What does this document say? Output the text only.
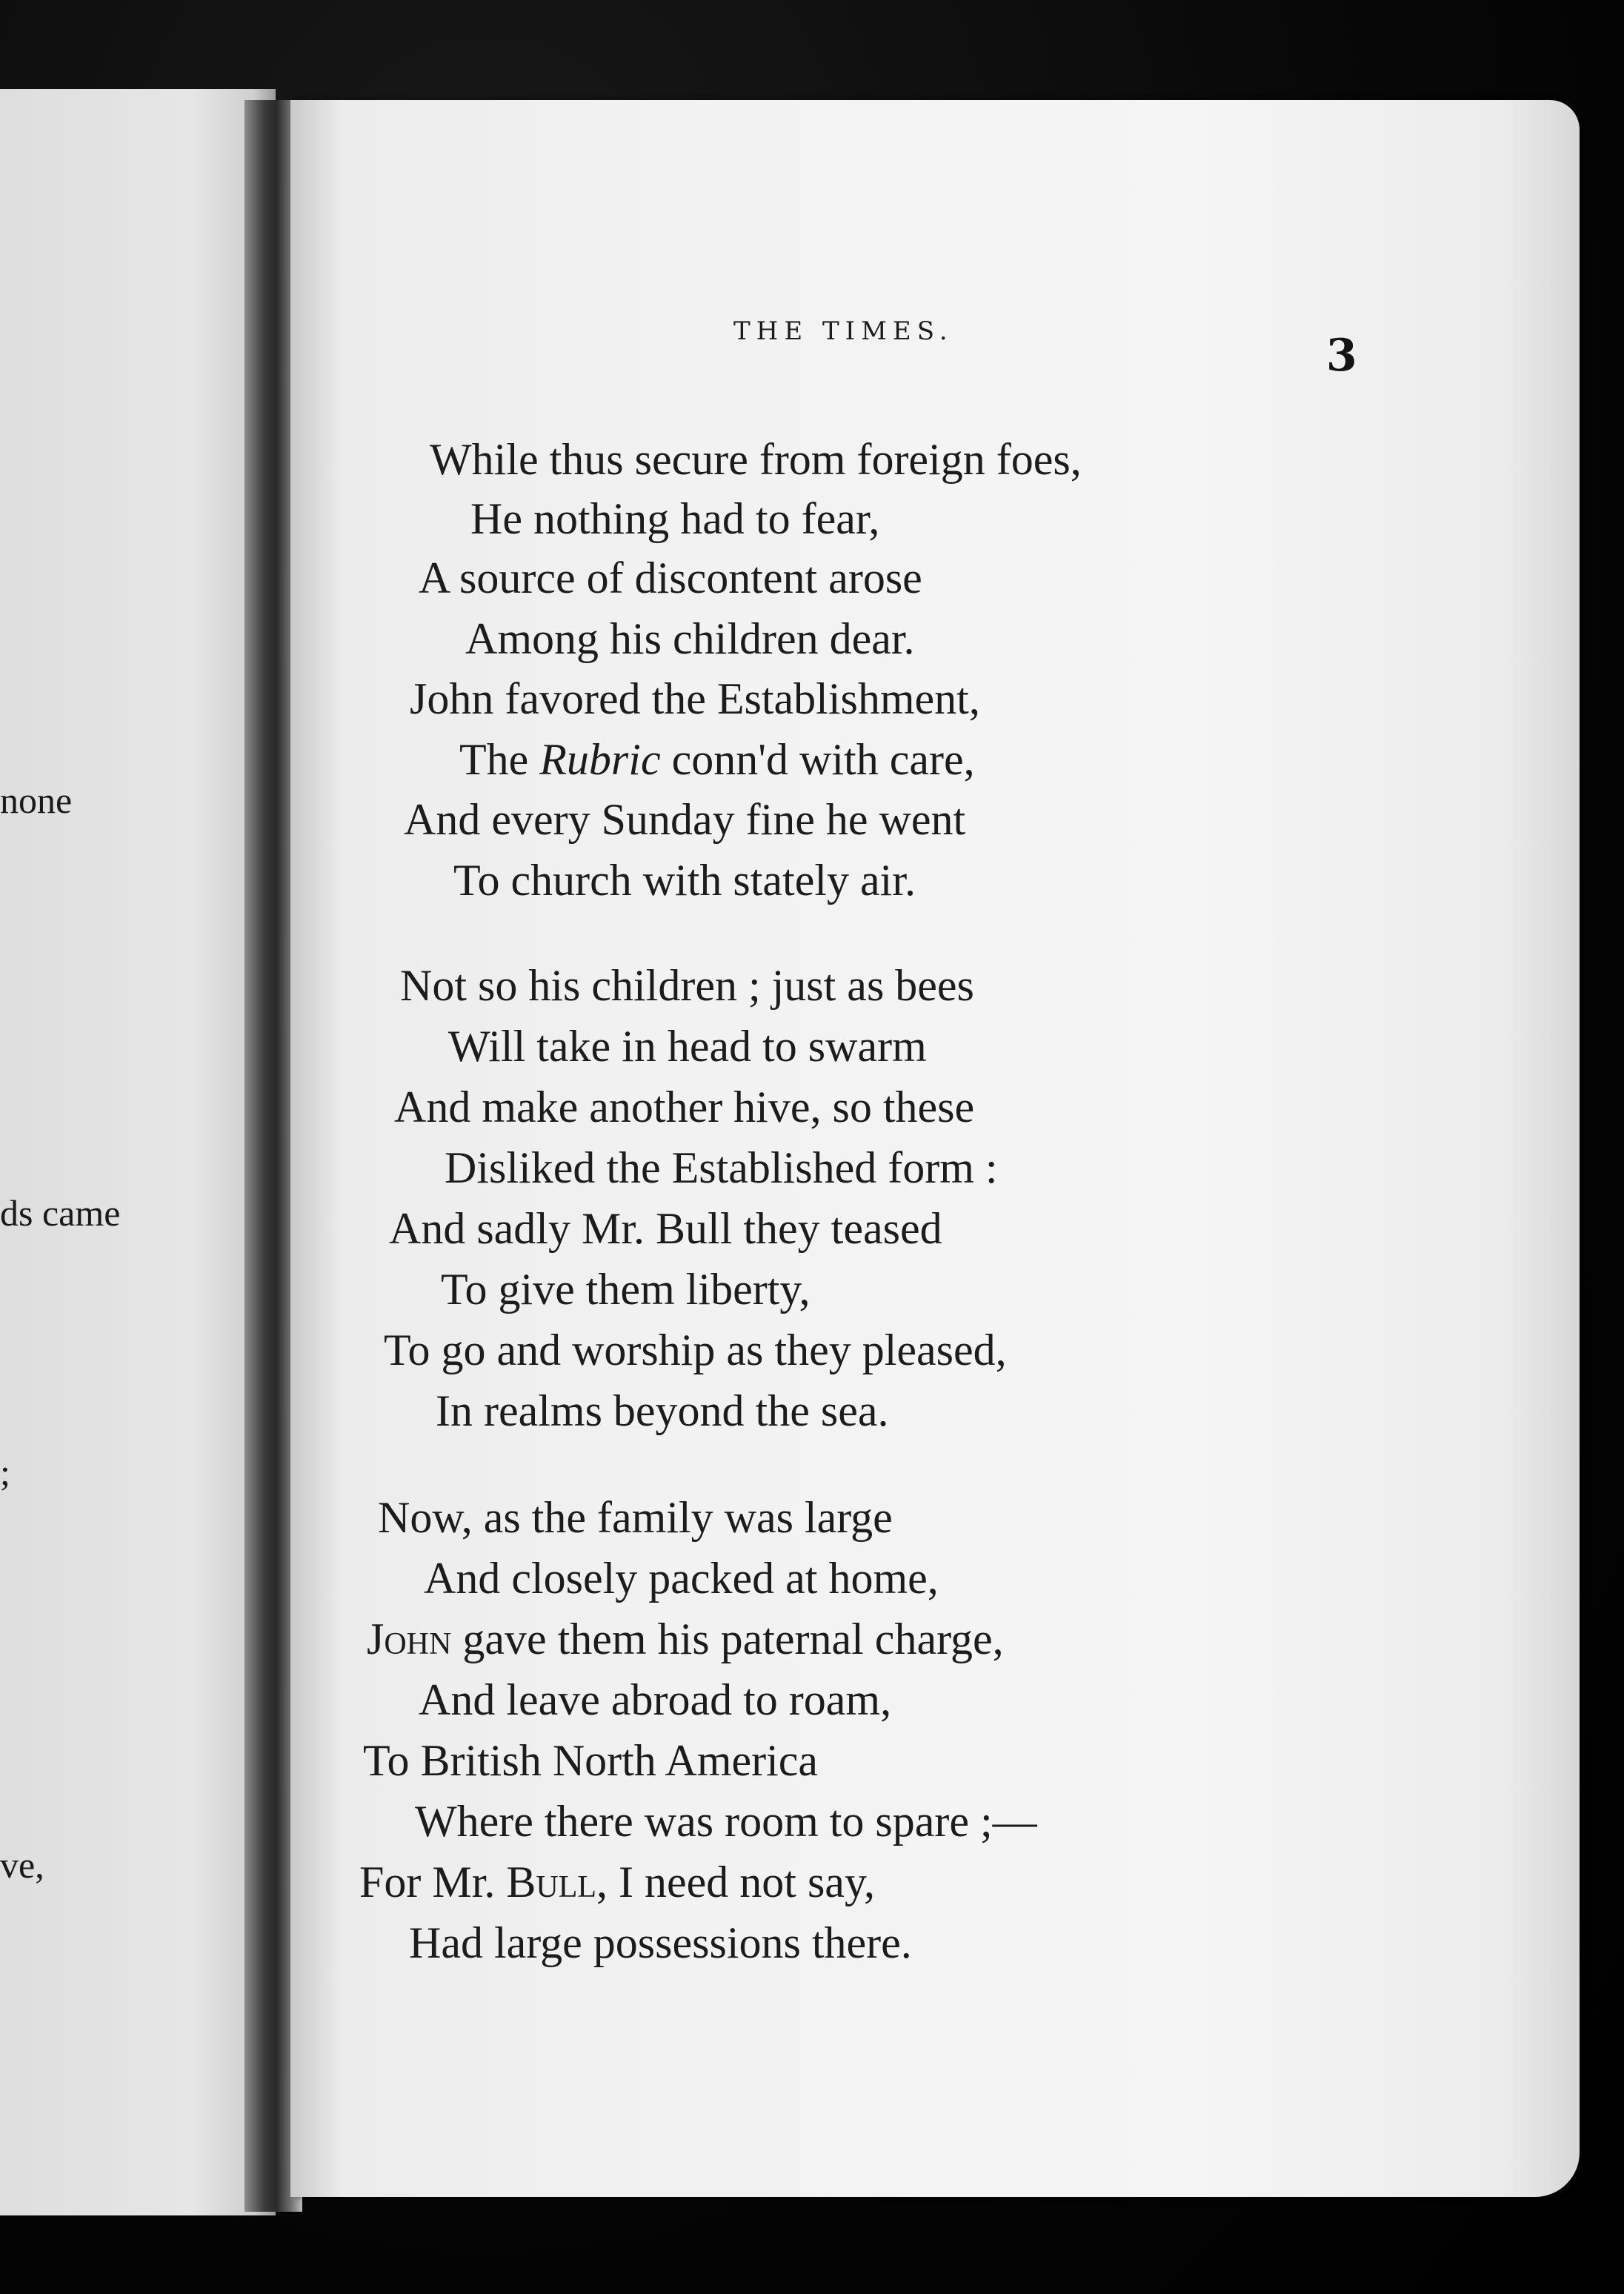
none
ds came
;
ve,
THE TIMES.	3
While thus secure from foreign foes,
He nothing had to fear,
A source of discontent arose
Among his children dear.
John favored the Establishment,
The Rubric conn'd with care,
And every Sunday fine he went
To church with stately air.
Not so his children ; just as bees
Will take in head to swarm
And make another hive, so these
Disliked the Established form :
And sadly Mr. Bull they teased
To give them liberty,
To go and worship as they pleased,
In realms beyond the sea.
Now, as the family was large
And closely packed at home,
John gave them his paternal charge,
And leave abroad to roam,
To British North America
Where there was room to spare ;—
For Mr. Bull, I need not say,
Had large possessions there.
